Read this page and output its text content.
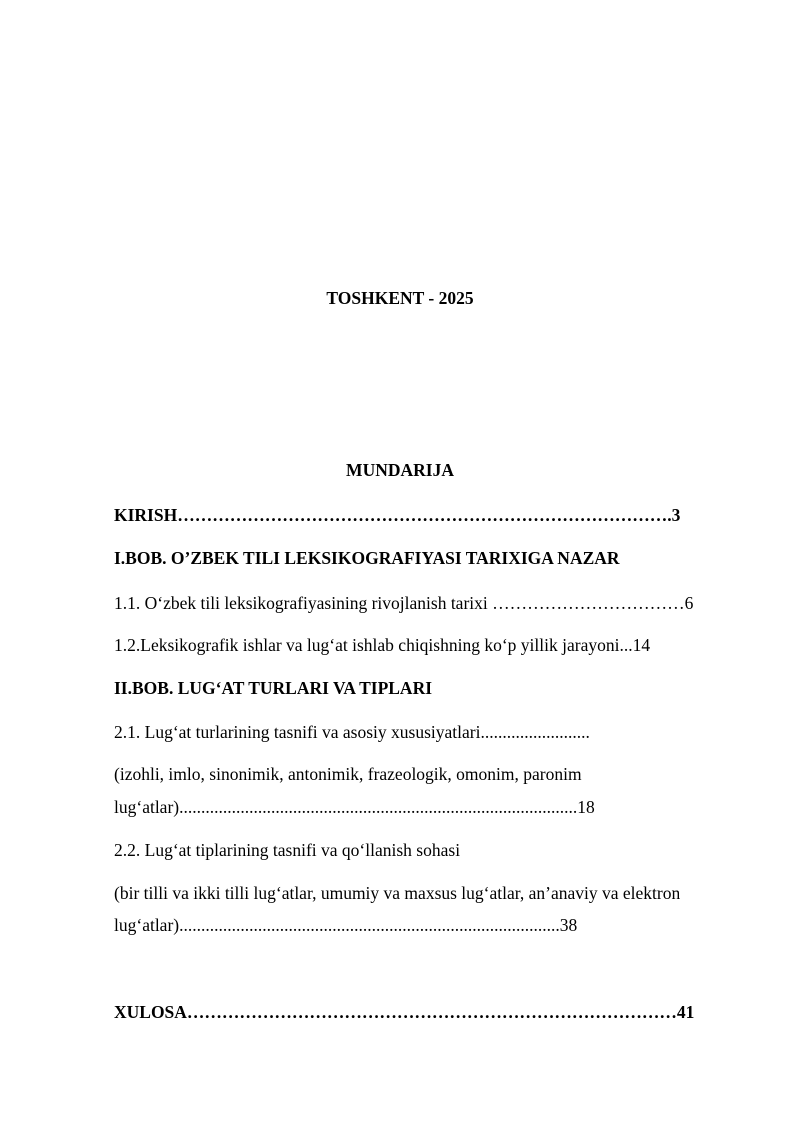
TOSHKENT - 2025
MUNDARIJA
KIRISH………………………………………………………………………….3
I.BOB. O’ZBEK TILI LEKSIKOGRAFIYASI TARIXIGA NAZAR
1.1. O‘zbek tili leksikografiyasining rivojlanish tarixi ……………………………6
1.2.Leksikografik ishlar va lug‘at ishlab chiqishning ko‘p yillik jarayoni...14
II.BOB. LUG‘AT TURLARI VA TIPLARI
2.1. Lug‘at turlarining tasnifi va asosiy xususiyatlari.........................
(izohli, imlo, sinonimik, antonimik, frazeologik, omonim, paronim
lug‘atlar)...........................................................................................18
2.2. Lug‘at tiplarining tasnifi va qo‘llanish sohasi
(bir tilli va ikki tilli lug‘atlar, umumiy va maxsus lug‘atlar, an’anaviy va elektron
lug‘atlar).......................................................................................38
XULOSA…………………………………………………………………………41
